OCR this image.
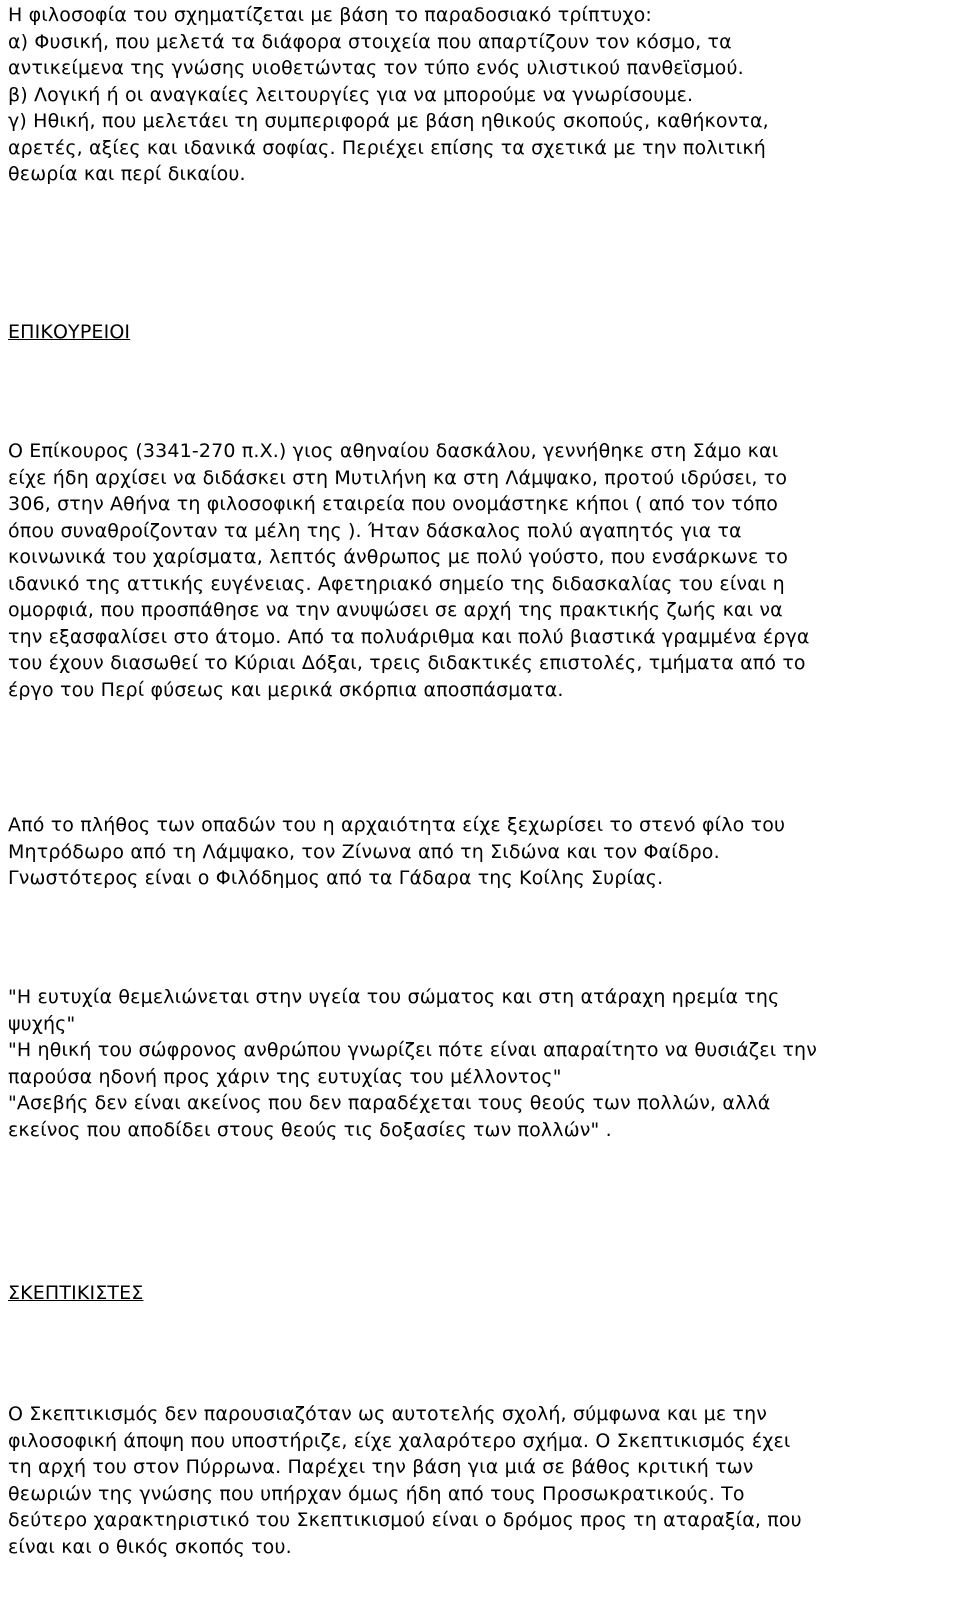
Η φιλοσοφία του σχηματίζεται με βάση το παραδοσιακό τρίπτυχο:

α) Φυσική, που μελετά τα διάφορα στοιχεία που απαρτίζουν τον κόσμο, τα

αντικείμενα της γνώσης υιοθετώντας τον τύπο ενός υλιστικού πανθεϊσμού.

β) Λογική ή οι αναγκαίες λειτουργίες για να μπορούμε να γνωρίσουμε.

γ) Ηθική, που μελετάει τη συμπεριφορά με βάση ηθικούς σκοπούς, καθήκοντα,

αρετές, αξίες και ιδανικά σοφίας. Περιέχει επίσης τα σχετικά με την πολιτική

θεωρία και περί δικαίου.

ΕΠΙΚΟΥΡΕΙΟΙ

Ο Επίκουρος (3341-270 π.Χ.) γιος αθηναίου δασκάλου, γεννήθηκε στη Σάμο και

είχε ήδη αρχίσει να διδάσκει στη Μυτιλήνη κα στη Λάμψακο, προτού ιδρύσει, το

306, στην Αθήνα τη φιλοσοφική εταιρεία που ονομάστηκε κήποι ( από τον τόπο

όπου συναθροίζονταν τα μέλη της ). Ήταν δάσκαλος πολύ αγαπητός για τα

κοινωνικά του χαρίσματα, λεπτός άνθρωπος με πολύ γούστο, που ενσάρκωνε το

ιδανικό της αττικής ευγένειας. Αφετηριακό σημείο της διδασκαλίας του είναι η

ομορφιά, που προσπάθησε να την ανυψώσει σε αρχή της πρακτικής ζωής και να

την εξασφαλίσει στο άτομο. Από τα πολυάριθμα και πολύ βιαστικά γραμμένα έργα

του έχουν διασωθεί το Κύριαι Δόξαι, τρεις διδακτικές επιστολές, τμήματα από το

έργο του Περί φύσεως και μερικά σκόρπια αποσπάσματα.

Από το πλήθος των οπαδών του η αρχαιότητα είχε ξεχωρίσει το στενό φίλο του

Μητρόδωρο από τη Λάμψακο, τον Ζίνωνα από τη Σιδώνα και τον Φαίδρο.

Γνωστότερος είναι ο Φιλόδημος από τα Γάδαρα της Κοίλης Συρίας.

"Η ευτυχία θεμελιώνεται στην υγεία του σώματος και στη ατάραχη ηρεμία της

ψυχής"

"Η ηθική του σώφρονος ανθρώπου γνωρίζει πότε είναι απαραίτητο να θυσιάζει την

παρούσα ηδονή προς χάριν της ευτυχίας του μέλλοντος"

"Ασεβής δεν είναι ακείνος που δεν παραδέχεται τους θεούς των πολλών, αλλά

εκείνος που αποδίδει στους θεούς τις δοξασίες των πολλών" .

ΣΚΕΠΤΙΚΙΣΤΕΣ

Ο Σκεπτικισμός δεν παρουσιαζόταν ως αυτοτελής σχολή, σύμφωνα και με την

φιλοσοφική άποψη που υποστήριζε, είχε χαλαρότερο σχήμα. Ο Σκεπτικισμός έχει

τη αρχή του στον Πύρρωνα. Παρέχει την βάση για μιά σε βάθος κριτική των

θεωριών της γνώσης που υπήρχαν όμως ήδη από τους Προσωκρατικούς. Το

δεύτερο χαρακτηριστικό του Σκεπτικισμού είναι ο δρόμος προς τη αταραξία, που

είναι και ο θικός σκοπός του.
